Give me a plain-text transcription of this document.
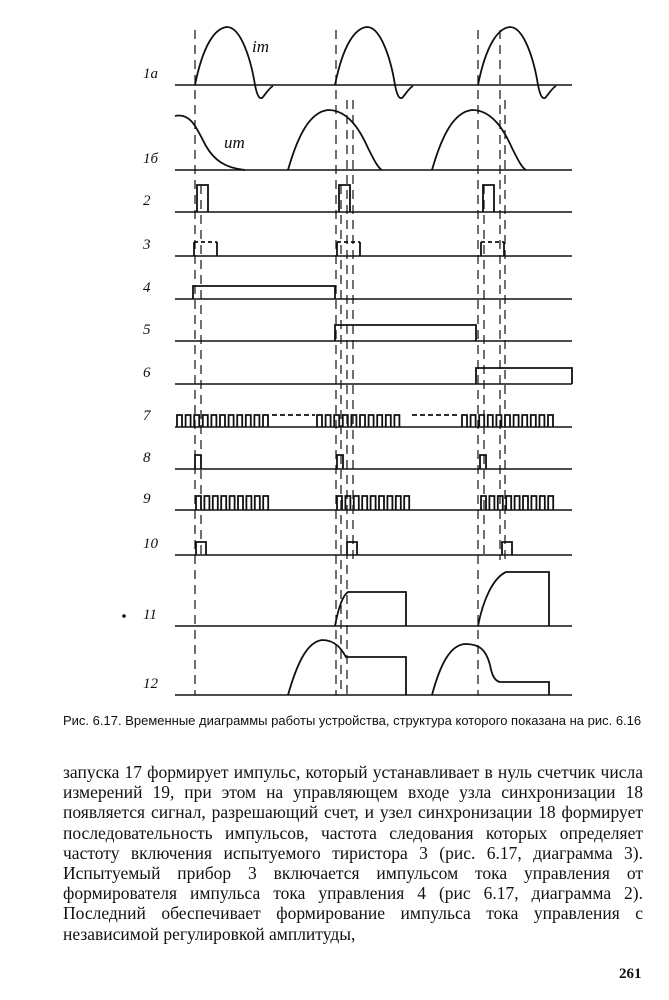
1a
1б
2
3
4
5
6
7
8
9
10
11
12
iт
uт
Рис. 6.17. Временные диаграммы работы устройства, структура которого показана на рис. 6.16

запуска 17 формирует импульс, который устанавливает в нуль счетчик числа измерений 19, при этом на управляющем входе узла синхронизации 18 появляется сигнал, разрешающий счет, и узел синхронизации 18 формирует последовательность импульсов, частота следования которых определяет частоту включения испытуемого тиристора 3 (рис. 6.17, диаграмма 3). Испытуемый прибор 3 включается импульсом тока управления от формирователя импульса тока управления 4 (рис 6.17, диаграмма 2). Последний обеспечивает формирование импульса тока управления с независимой регулировкой амплитуды,

261
